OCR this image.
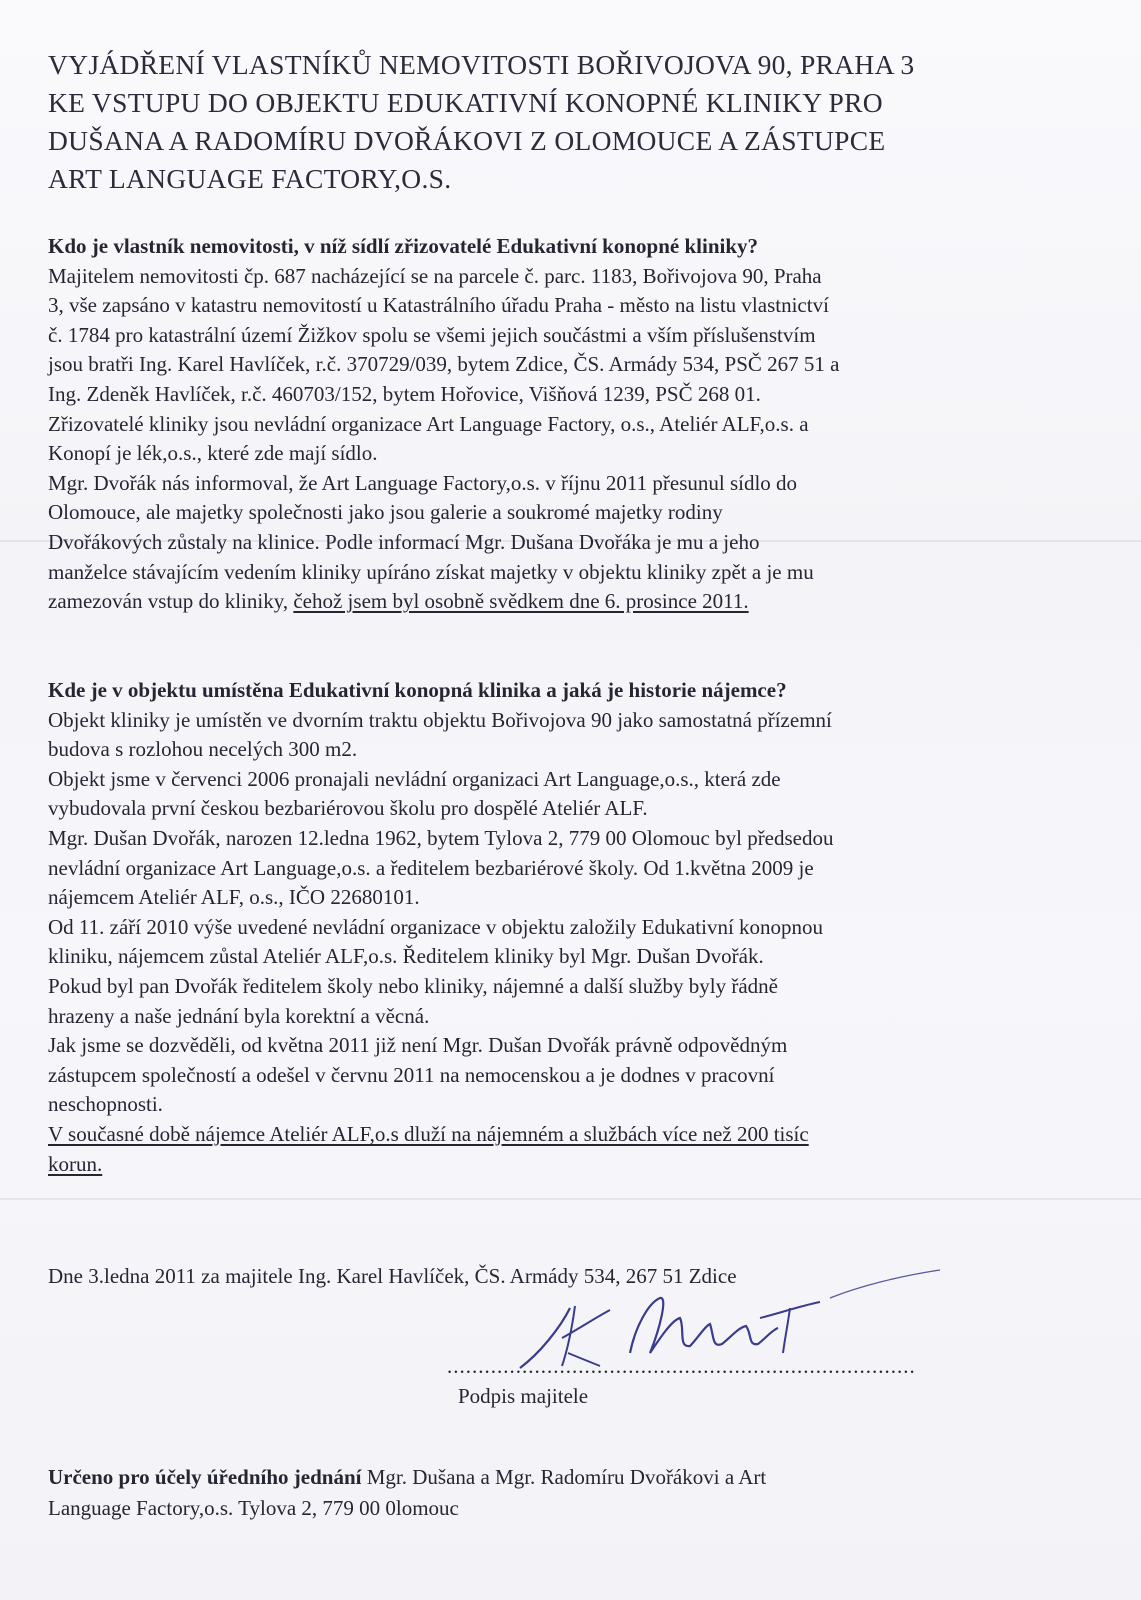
VYJÁDŘENÍ VLASTNÍKŮ NEMOVITOSTI BOŘIVOJOVA 90, PRAHA 3
KE VSTUPU DO OBJEKTU EDUKATIVNÍ KONOPNÉ KLINIKY PRO
DUŠANA A RADOMÍRU DVOŘÁKOVI Z OLOMOUCE A ZÁSTUPCE
ART LANGUAGE FACTORY,O.S.
Kdo je vlastník nemovitosti, v níž sídlí zřizovatelé Edukativní konopné kliniky?
Majitelem nemovitosti čp. 687 nacházející se na parcele č. parc. 1183, Bořivojova 90, Praha
3, vše zapsáno v katastru nemovitostí u Katastrálního úřadu Praha - město na listu vlastnictví
č. 1784 pro katastrální území Žižkov spolu se všemi jejich součástmi a vším příslušenstvím
jsou bratři Ing. Karel Havlíček, r.č. 370729/039, bytem Zdice, ČS. Armády 534, PSČ 267 51 a
Ing. Zdeněk Havlíček, r.č. 460703/152, bytem Hořovice, Višňová 1239, PSČ 268 01.
Zřizovatelé kliniky jsou nevládní organizace Art Language Factory, o.s., Ateliér ALF,o.s. a
Konopí je lék,o.s., které zde mají sídlo.
Mgr. Dvořák nás informoval, že Art Language Factory,o.s. v říjnu 2011 přesunul sídlo do
Olomouce, ale majetky společnosti jako jsou galerie a soukromé majetky rodiny
Dvořákových zůstaly na klinice. Podle informací Mgr. Dušana Dvořáka je mu a jeho
manželce stávajícím vedením kliniky upíráno získat majetky v objektu kliniky zpět a je mu
zamezován vstup do kliniky, čehož jsem byl osobně svědkem dne 6. prosince 2011.
Kde je v objektu umístěna Edukativní konopná klinika a jaká je historie nájemce?
Objekt kliniky je umístěn ve dvorním traktu objektu Bořivojova 90 jako samostatná přízemní
budova s rozlohou necelých 300 m2.
Objekt jsme v červenci 2006 pronajali nevládní organizaci Art Language,o.s., která zde
vybudovala první českou bezbariérovou školu pro dospělé Ateliér ALF.
Mgr. Dušan Dvořák, narozen 12.ledna 1962, bytem Tylova 2, 779 00 Olomouc byl předsedou
nevládní organizace Art Language,o.s. a ředitelem bezbariérové školy. Od 1.května 2009 je
nájemcem Ateliér ALF, o.s., IČO 22680101.
Od 11. září 2010 výše uvedené nevládní organizace v objektu založily Edukativní konopnou
kliniku, nájemcem zůstal Ateliér ALF,o.s. Ředitelem kliniky byl Mgr. Dušan Dvořák.
Pokud byl pan Dvořák ředitelem školy nebo kliniky, nájemné a další služby byly řádně
hrazeny a naše jednání byla korektní a věcná.
Jak jsme se dozvěděli, od května 2011 již není Mgr. Dušan Dvořák právně odpovědným
zástupcem společností a odešel v červnu 2011 na nemocenskou a je dodnes v pracovní
neschopnosti.
V současné době nájemce Ateliér ALF,o.s dluží na nájemném a službách více než 200 tisíc
korun.
Dne 3.ledna 2011 za majitele Ing. Karel Havlíček, ČS. Armády 534, 267 51 Zdice
...........................................................................
Podpis majitele
Určeno pro účely úředního jednání Mgr. Dušana a Mgr. Radomíru Dvořákovi a Art
Language Factory,o.s. Tylova 2, 779 00 0lomouc
